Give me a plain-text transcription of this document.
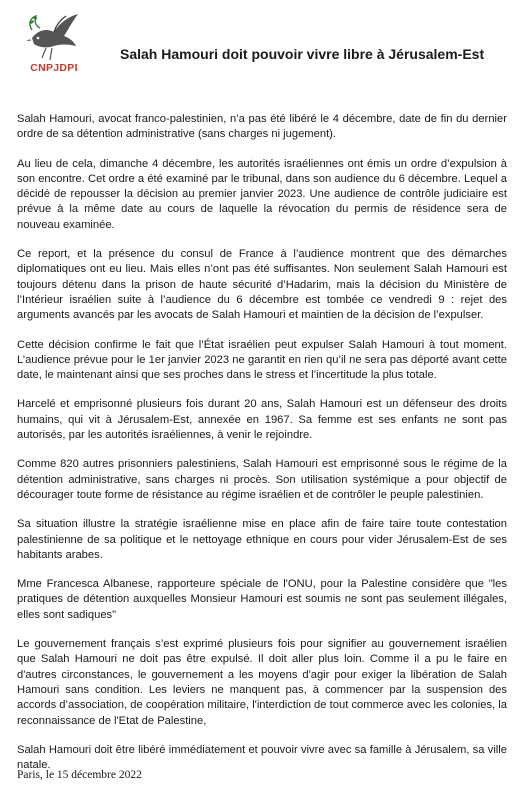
CNPJDPI
Salah Hamouri doit pouvoir vivre libre à Jérusalem-Est

Salah Hamouri, avocat franco-palestinien, n’a pas été libéré le 4 décembre, date de fin du dernier ordre de sa détention administrative (sans charges ni jugement).

Au lieu de cela, dimanche 4 décembre, les autorités israéliennes ont émis un ordre d’expulsion à son encontre. Cet ordre a été examiné par le tribunal, dans son audience du 6 décembre. Lequel a décidé de repousser la décision au premier janvier 2023. Une audience de contrôle judiciaire est prévue à la même date au cours de laquelle la révocation du permis de résidence sera de nouveau examinée.

Ce report, et la présence du consul de France à l’audience montrent que des démarches diplomatiques ont eu lieu. Mais elles n’ont pas été suffisantes. Non seulement Salah Hamouri est toujours détenu dans la prison de haute sécurité d’Hadarim, mais la décision du Ministère de l’Intérieur israélien suite à l’audience du 6 décembre est tombée ce vendredi 9 : rejet des arguments avancés par les avocats de Salah Hamouri et maintien de la décision de l’expulser.

Cette décision confirme le fait que l’État israélien peut expulser Salah Hamouri à tout moment. L’audience prévue pour le 1er janvier 2023 ne garantit en rien qu’il ne sera pas déporté avant cette date, le maintenant ainsi que ses proches dans le stress et l’incertitude la plus totale.

Harcelé et emprisonné plusieurs fois durant 20 ans, Salah Hamouri est un défenseur des droits humains, qui vit à Jérusalem-Est, annexée en 1967. Sa femme est ses enfants ne sont pas autorisés, par les autorités israéliennes, à venir le rejoindre.

Comme 820 autres prisonniers palestiniens, Salah Hamouri est emprisonné sous le régime de la détention administrative, sans charges ni procès. Son utilisation systémique a pour objectif de décourager toute forme de résistance au régime israélien et de contrôler le peuple palestinien.

Sa situation illustre la stratégie israélienne mise en place afin de faire taire toute contestation palestinienne de sa politique et le nettoyage ethnique en cours pour vider Jérusalem-Est de ses habitants arabes.

Mme Francesca Albanese, rapporteure spéciale de l'ONU, pour la Palestine considère que "les pratiques de détention auxquelles Monsieur Hamouri est soumis ne sont pas seulement illégales, elles sont sadiques"

Le gouvernement français s’est exprimé plusieurs fois pour signifier au gouvernement israélien que Salah Hamouri ne doit pas être expulsé. Il doit aller plus loin. Comme il a pu le faire en d'autres circonstances, le gouvernement a les moyens d'agir pour exiger la libération de Salah Hamouri sans condition. Les leviers ne manquent pas, à commencer par la suspension des accords d’association, de coopération militaire, l'interdiction de tout commerce avec les colonies, la reconnaissance de l'Etat de Palestine,

Salah Hamouri doit être libéré immédiatement et pouvoir vivre avec sa famille à Jérusalem, sa ville natale.

Paris, le 15 décembre 2022
